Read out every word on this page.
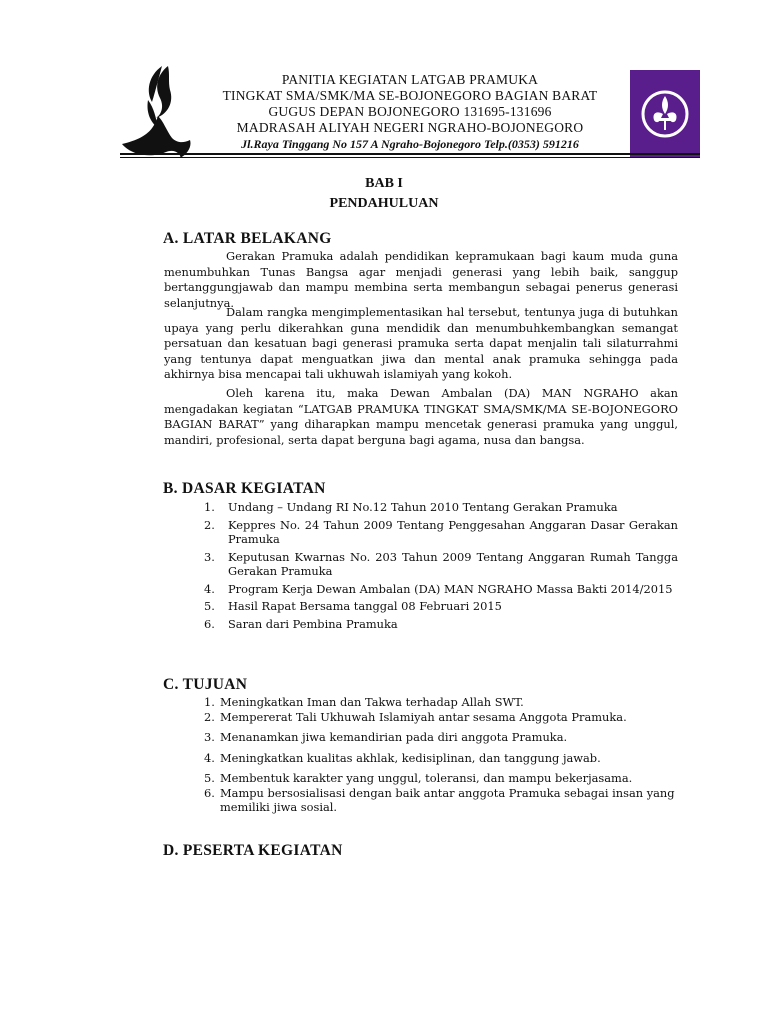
PANITIA KEGIATAN LATGAB PRAMUKA
TINGKAT SMA/SMK/MA SE-BOJONEGORO BAGIAN BARAT
GUGUS DEPAN BOJONEGORO 131695-131696
MADRASAH ALIYAH NEGERI NGRAHO-BOJONEGORO
Jl.Raya Tinggang No 157 A Ngraho-Bojonegoro Telp.(0353) 591216
BAB I
PENDAHULUAN
A. LATAR BELAKANG

Gerakan Pramuka adalah pendidikan kepramukaan bagi kaum muda guna menumbuhkan Tunas Bangsa agar menjadi generasi yang lebih baik, sanggup bertanggungjawab dan mampu membina serta membangun sebagai penerus generasi selanjutnya.

Dalam rangka mengimplementasikan hal tersebut, tentunya juga di butuhkan upaya yang perlu dikerahkan guna mendidik dan menumbuhkembangkan semangat persatuan dan kesatuan bagi generasi pramuka serta dapat menjalin tali silaturrahmi yang tentunya dapat menguatkan jiwa dan mental anak pramuka sehingga pada akhirnya bisa mencapai tali ukhuwah islamiyah yang kokoh.

Oleh karena itu, maka Dewan Ambalan (DA) MAN NGRAHO akan mengadakan kegiatan “LATGAB PRAMUKA TINGKAT SMA/SMK/MA SE-BOJONEGORO BAGIAN BARAT” yang diharapkan mampu mencetak generasi pramuka yang unggul, mandiri, profesional, serta dapat berguna bagi agama, nusa dan bangsa.

B. DASAR KEGIATAN
1. Undang – Undang RI No.12 Tahun 2010 Tentang Gerakan Pramuka
2. Keppres No. 24 Tahun 2009 Tentang Penggesahan Anggaran Dasar Gerakan Pramuka
3. Keputusan Kwarnas No. 203 Tahun 2009 Tentang Anggaran Rumah Tangga Gerakan Pramuka
4. Program Kerja Dewan Ambalan (DA) MAN NGRAHO Massa Bakti 2014/2015
5. Hasil Rapat Bersama tanggal 08 Februari 2015
6. Saran dari Pembina Pramuka
C. TUJUAN
1. Meningkatkan Iman dan Takwa terhadap Allah SWT.
2. Mempererat Tali Ukhuwah Islamiyah antar sesama Anggota Pramuka.
3. Menanamkan jiwa kemandirian pada diri anggota Pramuka.
4. Meningkatkan kualitas akhlak, kedisiplinan, dan tanggung jawab.
5. Membentuk karakter yang unggul, toleransi, dan mampu bekerjasama.
6. Mampu bersosialisasi dengan baik antar anggota Pramuka sebagai insan yang memiliki jiwa sosial.
D. PESERTA KEGIATAN
